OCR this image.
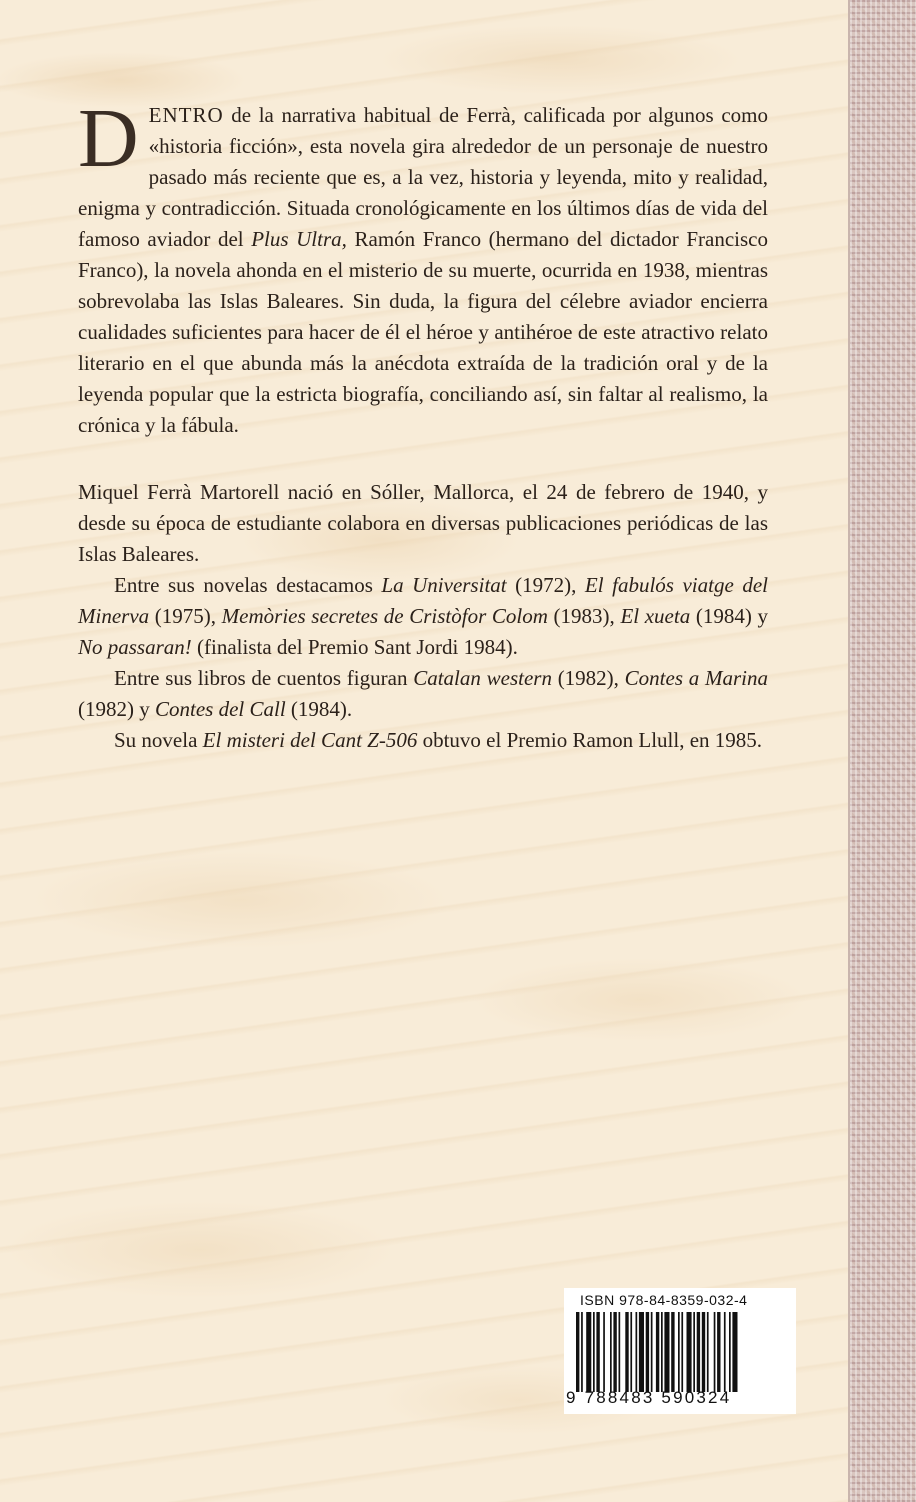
DENTRO de la narrativa habitual de Ferrà, calificada por algunos como «historia ficción», esta novela gira alrededor de un personaje de nuestro pasado más reciente que es, a la vez, historia y leyenda, mito y realidad, enigma y contradicción. Situada cronológicamente en los últimos días de vida del famoso aviador del Plus Ultra, Ramón Franco (hermano del dictador Francisco Franco), la novela ahonda en el misterio de su muerte, ocurrida en 1938, mientras sobrevolaba las Islas Baleares. Sin duda, la figura del célebre aviador encierra cualidades suficientes para hacer de él el héroe y antihéroe de este atractivo relato literario en el que abunda más la anécdota extraída de la tradición oral y de la leyenda popular que la estricta biografía, conciliando así, sin faltar al realismo, la crónica y la fábula.

Miquel Ferrà Martorell nació en Sóller, Mallorca, el 24 de febrero de 1940, y desde su época de estudiante colabora en diversas publicaciones periódicas de las Islas Baleares.

Entre sus novelas destacamos La Universitat (1972), El fabulós viatge del Minerva (1975), Memòries secretes de Cristòfor Colom (1983), El xueta (1984) y No passaran! (finalista del Premio Sant Jordi 1984).

Entre sus libros de cuentos figuran Catalan western (1982), Contes a Marina (1982) y Contes del Call (1984).

Su novela El misteri del Cant Z-506 obtuvo el Premio Ramon Llull, en 1985.

ISBN 978-84-8359-032-4
9 788483 590324
